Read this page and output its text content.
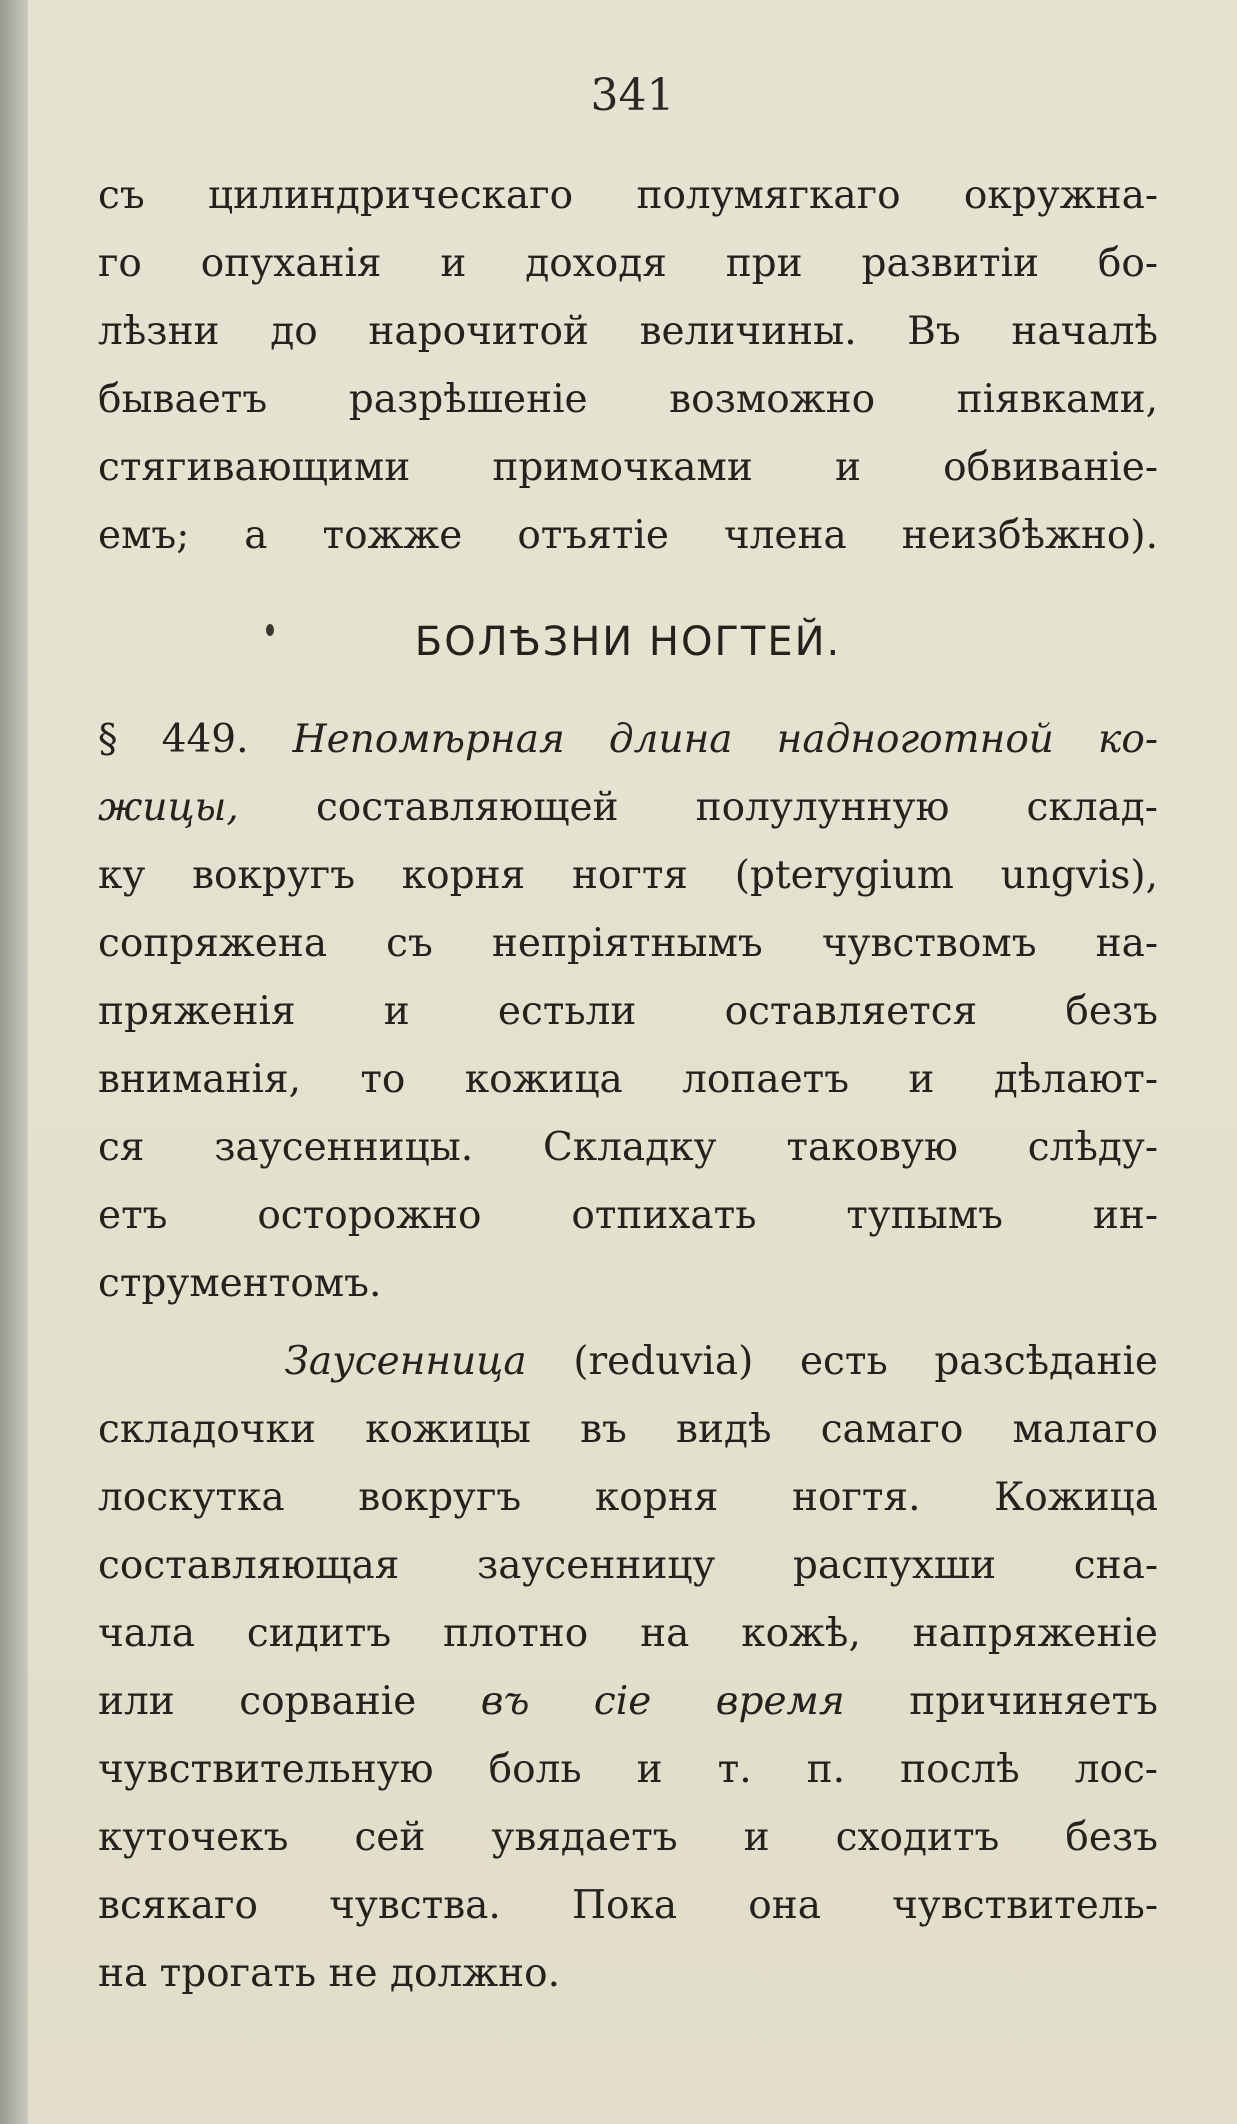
341
съ цилиндрическаго полумягкаго окружна-
го опуханія и доходя при развитіи бо-
лѣзни до нарочитой величины. Въ началѣ
бываетъ разрѣшеніе возможно піявками,
стягивающими примочками и обвиваніе-
емъ; а тожже отъятіе члена неизбѣжно).
БОЛѢЗНИ НОГТЕЙ.
§ 449. Непомѣрная длина надноготной ко-
жицы, составляющей полулунную склад-
ку вокругъ корня ногтя (pterygium ungvis),
сопряжена съ непріятнымъ чувствомъ на-
пряженія и естьли оставляется безъ
вниманія, то кожица лопаетъ и дѣлают-
ся заусенницы. Складку таковую слѣду-
етъ осторожно отпихать тупымъ ин-
струментомъ.
Заусенница (reduvia) есть разсѣданіе
складочки кожицы въ видѣ самаго малаго
лоскутка вокругъ корня ногтя. Кожица
составляющая заусенницу распухши сна-
чала сидитъ плотно на кожѣ, напряженіе
или сорваніе въ сіе время причиняетъ
чувствительную боль и т. п. послѣ лос-
куточекъ сей увядаетъ и сходитъ безъ
всякаго чувства. Пока она чувствитель-
на трогать не должно.
